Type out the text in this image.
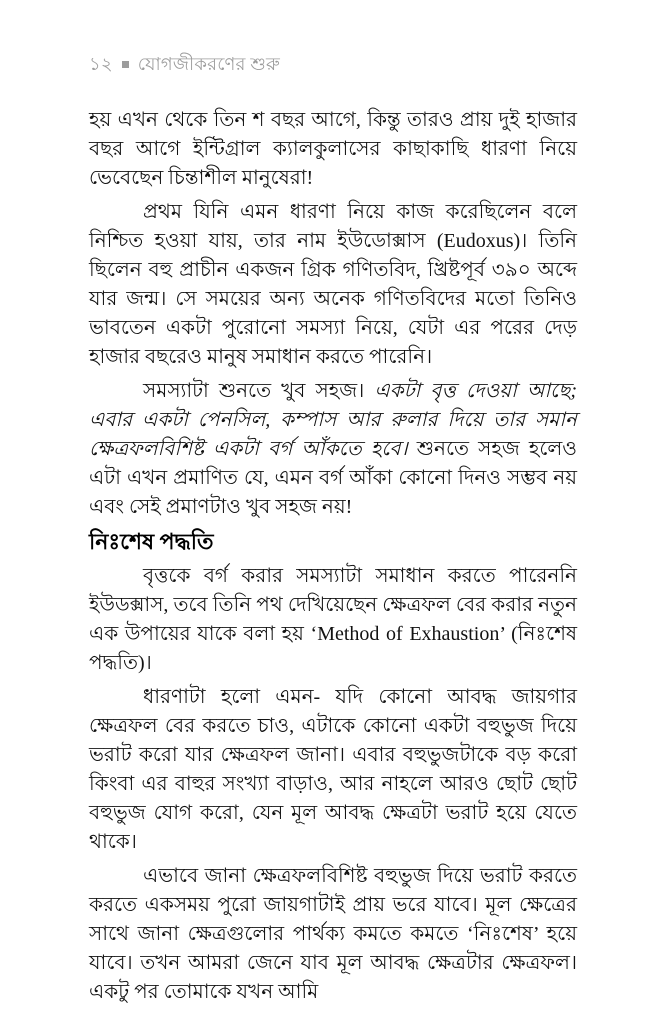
১২ যোগজীকরণের শুরু

হয় এখন থেকে তিন শ বছর আগে, কিন্তু তারও প্রায় দুই হাজার বছর আগে ইন্টিগ্রাল ক্যালকুলাসের কাছাকাছি ধারণা নিয়ে ভেবেছেন চিন্তাশীল মানুষেরা!

প্রথম যিনি এমন ধারণা নিয়ে কাজ করেছিলেন বলে নিশ্চিত হওয়া যায়, তার নাম ইউডোক্সাস (Eudoxus)। তিনি ছিলেন বহু প্রাচীন একজন গ্রিক গণিতবিদ, খ্রিষ্টপূর্ব ৩৯০ অব্দে যার জন্ম। সে সময়ের অন্য অনেক গণিতবিদের মতো তিনিও ভাবতেন একটা পুরোনো সমস্যা নিয়ে, যেটা এর পরের দেড় হাজার বছরেও মানুষ সমাধান করতে পারেনি।

সমস্যাটা শুনতে খুব সহজ। একটা বৃত্ত দেওয়া আছে; এবার একটা পেনসিল, কম্পাস আর রুলার দিয়ে তার সমান ক্ষেত্রফলবিশিষ্ট একটা বর্গ আঁকতে হবে। শুনতে সহজ হলেও এটা এখন প্রমাণিত যে, এমন বর্গ আঁকা কোনো দিনও সম্ভব নয় এবং সেই প্রমাণটাও খুব সহজ নয়!

নিঃশেষ পদ্ধতি

বৃত্তকে বর্গ করার সমস্যাটা সমাধান করতে পারেননি ইউডক্সাস, তবে তিনি পথ দেখিয়েছেন ক্ষেত্রফল বের করার নতুন এক উপায়ের যাকে বলা হয় ‘Method of Exhaustion’ (নিঃশেষ পদ্ধতি)।

ধারণাটা হলো এমন- যদি কোনো আবদ্ধ জায়গার ক্ষেত্রফল বের করতে চাও, এটাকে কোনো একটা বহুভুজ দিয়ে ভরাট করো যার ক্ষেত্রফল জানা। এবার বহুভুজটাকে বড় করো কিংবা এর বাহুর সংখ্যা বাড়াও, আর নাহলে আরও ছোট ছোট বহুভুজ যোগ করো, যেন মূল আবদ্ধ ক্ষেত্রটা ভরাট হয়ে যেতে থাকে।

এভাবে জানা ক্ষেত্রফলবিশিষ্ট বহুভুজ দিয়ে ভরাট করতে করতে একসময় পুরো জায়গাটাই প্রায় ভরে যাবে। মূল ক্ষেত্রের সাথে জানা ক্ষেত্রগুলোর পার্থক্য কমতে কমতে ‘নিঃশেষ’ হয়ে যাবে। তখন আমরা জেনে যাব মূল আবদ্ধ ক্ষেত্রটার ক্ষেত্রফল। একটু পর তোমাকে যখন আমি
